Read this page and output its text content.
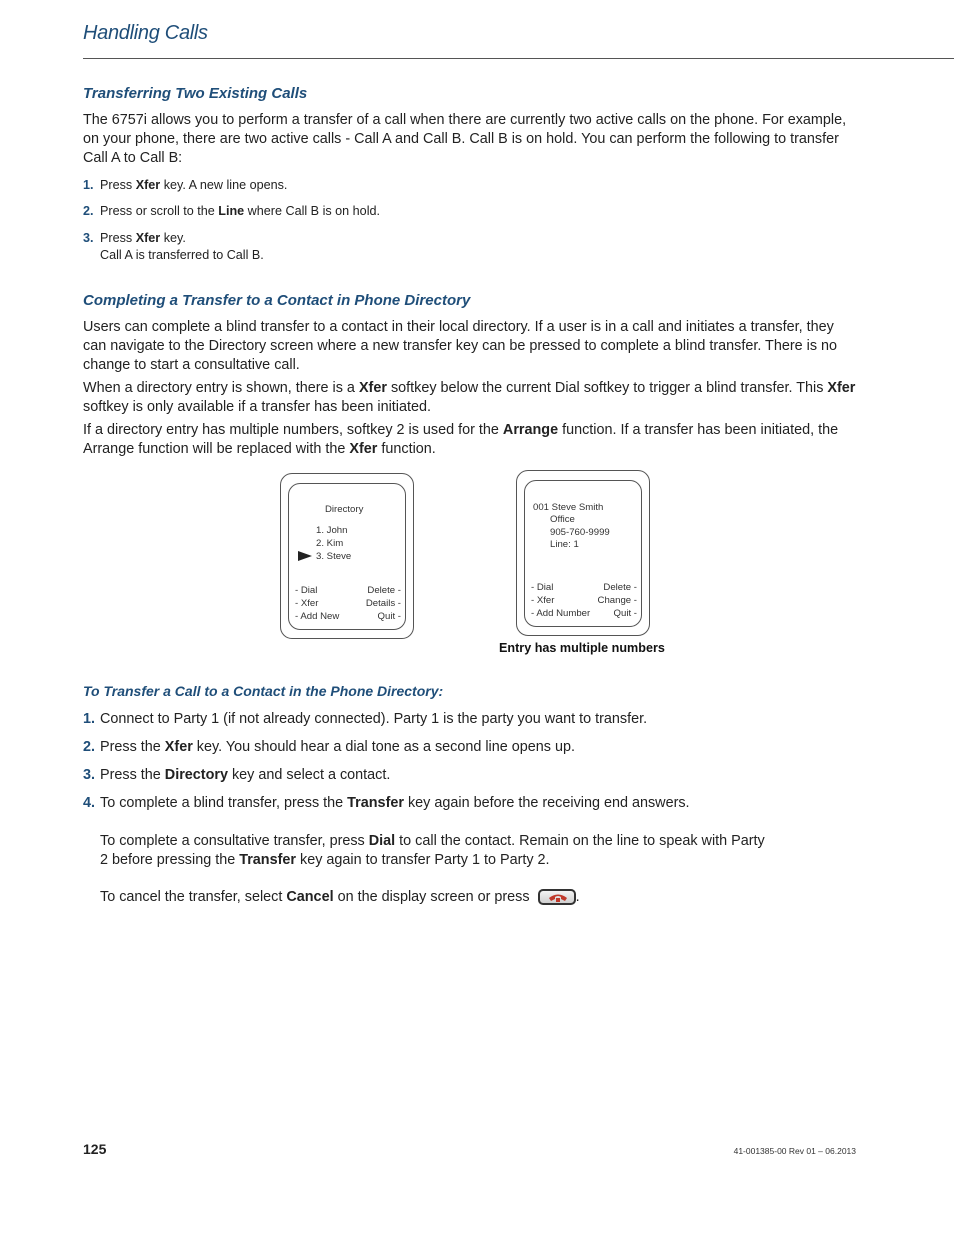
Handling Calls
Transferring Two Existing Calls
The 6757i allows you to perform a transfer of a call when there are currently two active calls on the phone. For example, on your phone, there are two active calls - Call A and Call B. Call B is on hold. You can perform the following to transfer Call A to Call B:
1. Press Xfer key. A new line opens.
2. Press or scroll to the Line where Call B is on hold.
3. Press Xfer key.
Call A is transferred to Call B.
Completing a Transfer to a Contact in Phone Directory
Users can complete a blind transfer to a contact in their local directory. If a user is in a call and initiates a transfer, they can navigate to the Directory screen where a new transfer key can be pressed to complete a blind transfer. There is no change to start a consultative call.
When a directory entry is shown, there is a Xfer softkey below the current Dial softkey to trigger a blind transfer. This Xfer softkey is only available if a transfer has been initiated.
If a directory entry has multiple numbers, softkey 2 is used for the Arrange function. If a transfer has been initiated, the Arrange function will be replaced with the Xfer function.
Directory
1. John
2. Kim
3. Steve
- Dial
- Xfer
- Add New
Delete -
Details -
Quit -
001 Steve Smith
Office
905-760-9999
Line: 1
- Dial
- Xfer
- Add Number
Delete -
Change -
Quit -
Entry has multiple numbers
To Transfer a Call to a Contact in the Phone Directory:
1. Connect to Party 1 (if not already connected). Party 1 is the party you want to transfer.
2. Press the Xfer key. You should hear a dial tone as a second line opens up.
3. Press the Directory key and select a contact.
4. To complete a blind transfer, press the Transfer key again before the receiving end answers.
To complete a consultative transfer, press Dial to call the contact. Remain on the line to speak with Party 2 before pressing the Transfer key again to transfer Party 1 to Party 2.
To cancel the transfer, select Cancel on the display screen or press	.
125	41-001385-00 Rev 01 – 06.2013
